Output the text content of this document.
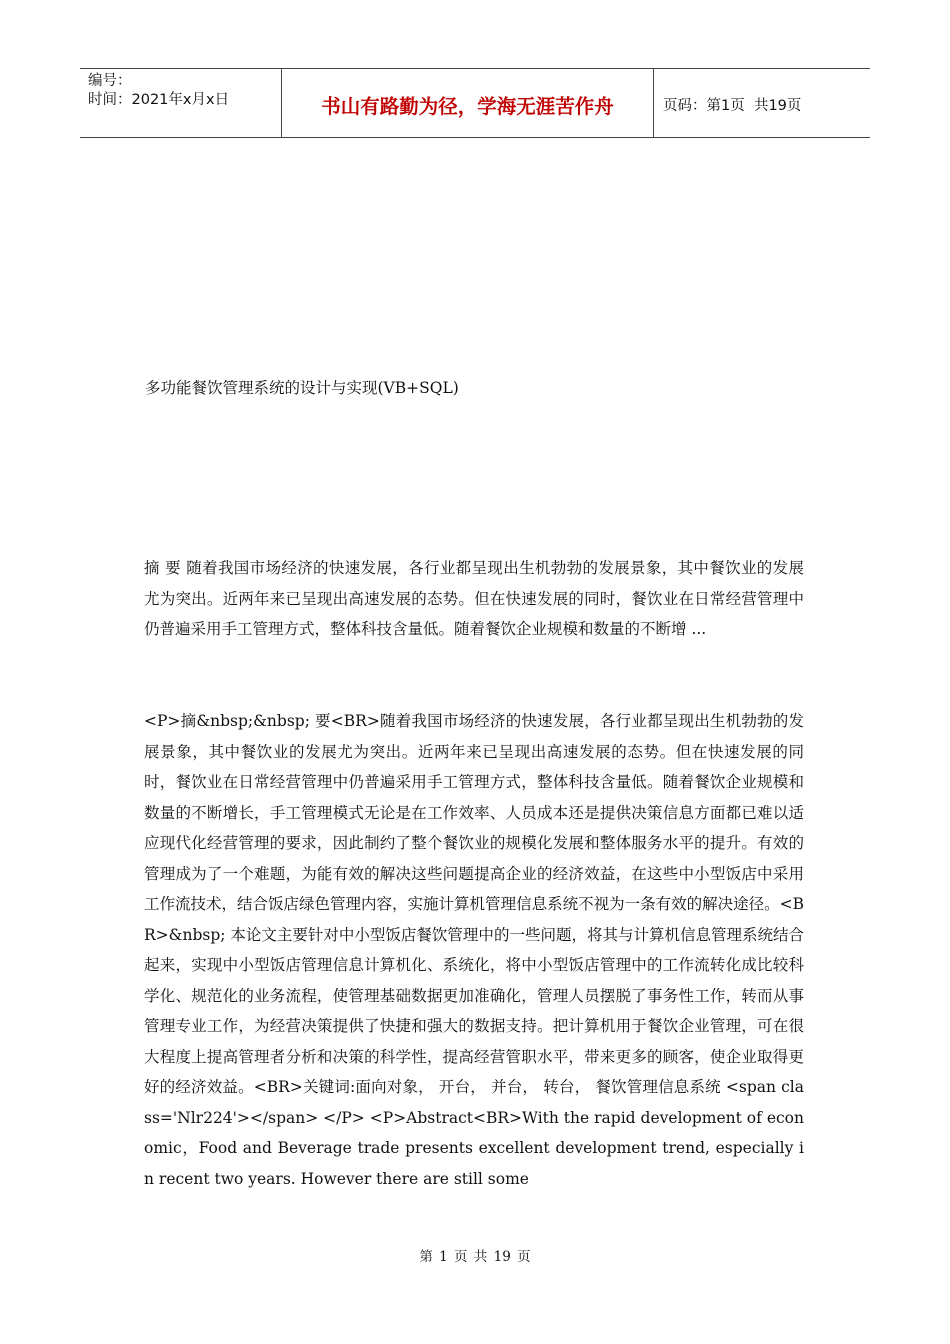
编号：
时间：2021年x月x日	书山有路勤为径，学海无涯苦作舟	页码：第1页  共19页
多功能餐饮管理系统的设计与实现(VB+SQL)
摘 要 随着我国市场经济的快速发展，各行业都呈现出生机勃勃的发展景象，其中餐饮业的发展尤为突出。近两年来已呈现出高速发展的态势。但在快速发展的同时，餐饮业在日常经营管理中仍普遍采用手工管理方式，整体科技含量低。随着餐饮企业规模和数量的不断增 ...
<P>摘&nbsp;&nbsp; 要<BR>随着我国市场经济的快速发展，各行业都呈现出生机勃勃的发展景象，其中餐饮业的发展尤为突出。近两年来已呈现出高速发展的态势。但在快速发展的同时，餐饮业在日常经营管理中仍普遍采用手工管理方式，整体科技含量低。随着餐饮企业规模和数量的不断增长，手工管理模式无论是在工作效率、人员成本还是提供决策信息方面都已难以适应现代化经营管理的要求，因此制约了整个餐饮业的规模化发展和整体服务水平的提升。有效的管理成为了一个难题，为能有效的解决这些问题提高企业的经济效益，在这些中小型饭店中采用工作流技术，结合饭店绿色管理内容，实施计算机管理信息系统不视为一条有效的解决途径。<BR>&nbsp; 本论文主要针对中小型饭店餐饮管理中的一些问题，将其与计算机信息管理系统结合起来，实现中小型饭店管理信息计算机化、系统化，将中小型饭店管理中的工作流转化成比较科学化、规范化的业务流程，使管理基础数据更加准确化，管理人员摆脱了事务性工作，转而从事管理专业工作，为经营决策提供了快捷和强大的数据支持。把计算机用于餐饮企业管理，可在很大程度上提高管理者分析和决策的科学性，提高经营管职水平，带来更多的顾客，使企业取得更好的经济效益。<BR>关键词:面向对象， 开台， 并台， 转台， 餐饮管理信息系统 <span class='Nlr224'></span> </P> <P>Abstract<BR>With the rapid development of economic，Food and Beverage trade presents excellent development trend, especially in recent two years. However there are still some
第 1 页 共 19 页
